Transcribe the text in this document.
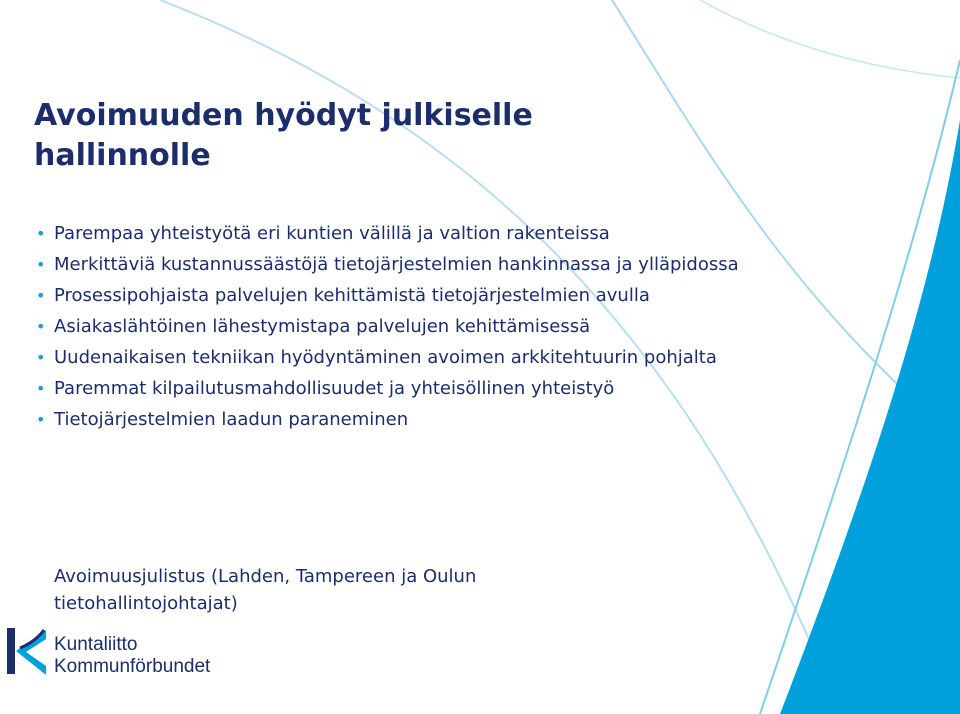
Avoimuuden hyödyt julkiselle
hallinnolle
• Parempaa yhteistyötä eri kuntien välillä ja valtion rakenteissa
• Merkittäviä kustannussäästöjä tietojärjestelmien hankinnassa ja ylläpidossa
• Prosessipohjaista palvelujen kehittämistä tietojärjestelmien avulla
• Asiakaslähtöinen lähestymistapa palvelujen kehittämisessä
• Uudenaikaisen tekniikan hyödyntäminen avoimen arkkitehtuurin pohjalta
• Paremmat kilpailutusmahdollisuudet ja yhteisöllinen yhteistyö
• Tietojärjestelmien laadun paraneminen

Avoimuusjulistus (Lahden, Tampereen ja Oulun tietohallintojohtajat)

Kuntaliitto
Kommunförbundet
